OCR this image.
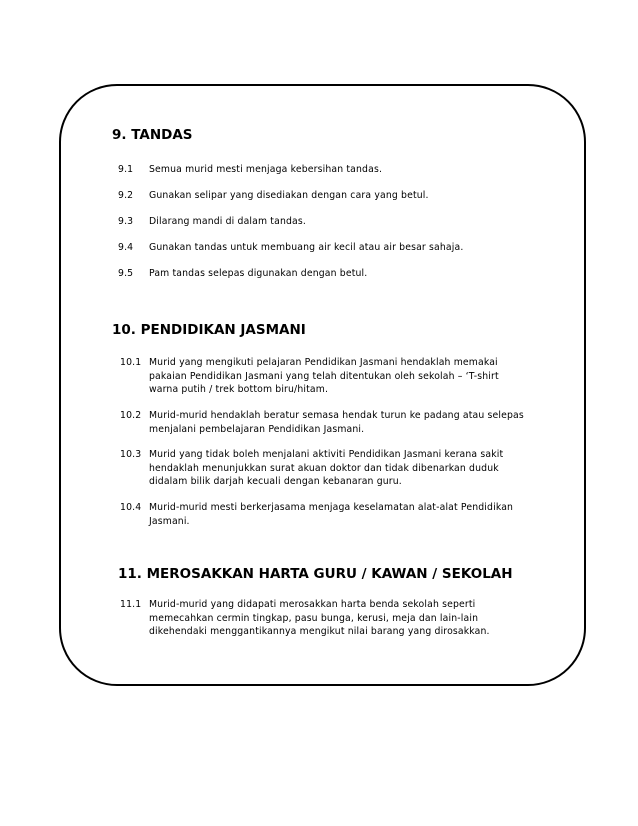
9. TANDAS
9.1 Semua murid mesti menjaga kebersihan tandas.
9.2 Gunakan selipar yang disediakan dengan cara yang betul.
9.3 Dilarang mandi di dalam tandas.
9.4 Gunakan tandas untuk membuang air kecil atau air besar sahaja.
9.5 Pam tandas selepas digunakan dengan betul.
10. PENDIDIKAN JASMANI
10.1 Murid yang mengikuti pelajaran Pendidikan Jasmani hendaklah memakai
pakaian Pendidikan Jasmani yang telah ditentukan oleh sekolah – ‘T-shirt
warna putih / trek bottom biru/hitam.
10.2 Murid-murid hendaklah beratur semasa hendak turun ke padang atau selepas
menjalani pembelajaran Pendidikan Jasmani.
10.3 Murid yang tidak boleh menjalani aktiviti Pendidikan Jasmani kerana sakit
hendaklah menunjukkan surat akuan doktor dan tidak dibenarkan duduk
didalam bilik darjah kecuali dengan kebanaran guru.
10.4 Murid-murid mesti berkerjasama menjaga keselamatan alat-alat Pendidikan
Jasmani.
11. MEROSAKKAN HARTA GURU / KAWAN / SEKOLAH
11.1 Murid-murid yang didapati merosakkan harta benda sekolah seperti
memecahkan cermin tingkap, pasu bunga, kerusi, meja dan lain-lain
dikehendaki menggantikannya mengikut nilai barang yang dirosakkan.
